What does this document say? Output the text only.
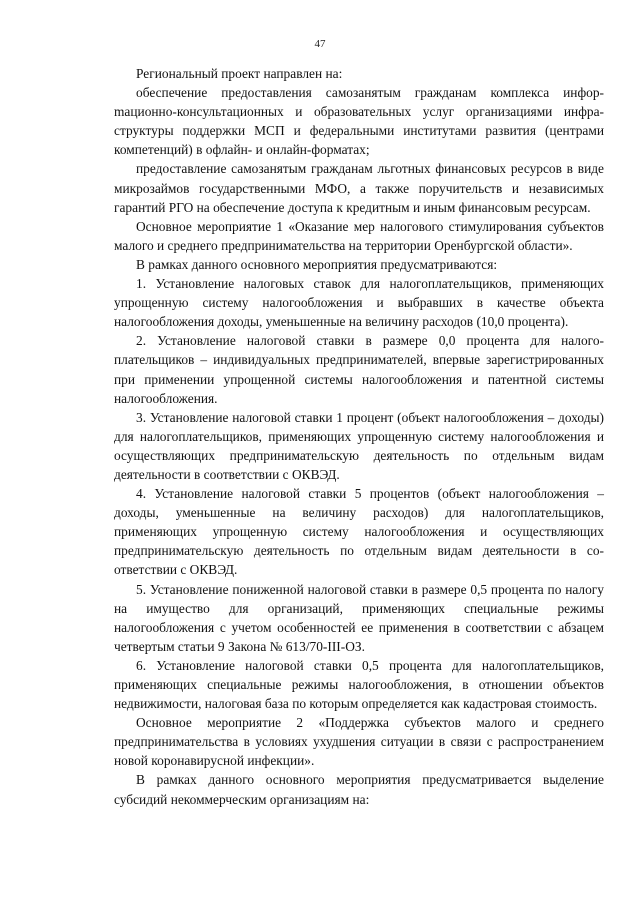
47

Региональный проект направлен на:

обеспечение предоставления самозанятым гражданам комплекса инфорmационно-консультационных и образовательных услуг организациями инфраструктуры поддержки МСП и федеральными институтами развития (центрами компетенций) в офлайн- и онлайн-форматах;

предоставление самозанятым гражданам льготных финансовых ресурсов в виде микрозаймов государственными МФО, а также поручительств и независимых гарантий РГО на обеспечение доступа к кредитным и иным финансовым ресурсам.

Основное мероприятие 1 «Оказание мер налогового стимулирования субъектов малого и среднего предпринимательства на территории Оренбургской области».

В рамках данного основного мероприятия предусматриваются:

1. Установление налоговых ставок для налогоплательщиков, применяющих упрощенную систему налогообложения и выбравших в качестве объекта налогообложения доходы, уменьшенные на величину расходов (10,0 процента).

2. Установление налоговой ставки в размере 0,0 процента для налогоплательщиков – индивидуальных предпринимателей, впервые зарегистрированных при применении упрощенной системы налогообложения и патентной системы налогообложения.

3. Установление налоговой ставки 1 процент (объект налогообложения – доходы) для налогоплательщиков, применяющих упрощенную систему налогообложения и осуществляющих предпринимательскую деятельность по отдельным видам деятельности в соответствии с ОКВЭД.

4. Установление налоговой ставки 5 процентов (объект налогообложения – доходы, уменьшенные на величину расходов) для налогоплательщиков, применяющих упрощенную систему налогообложения и осуществляющих предпринимательскую деятельность по отдельным видам деятельности в соответствии с ОКВЭД.

5. Установление пониженной налоговой ставки в размере 0,5 процента по налогу на имущество для организаций, применяющих специальные режимы налогообложения с учетом особенностей ее применения в соответствии с абзацем четвертым статьи 9 Закона № 613/70-III-ОЗ.

6. Установление налоговой ставки 0,5 процента для налогоплательщиков, применяющих специальные режимы налогообложения, в отношении объектов недвижимости, налоговая база по которым определяется как кадастровая стоимость.

Основное мероприятие 2 «Поддержка субъектов малого и среднего предпринимательства в условиях ухудшения ситуации в связи с распространением новой коронавирусной инфекции».

В рамках данного основного мероприятия предусматривается выделение субсидий некоммерческим организациям на:
